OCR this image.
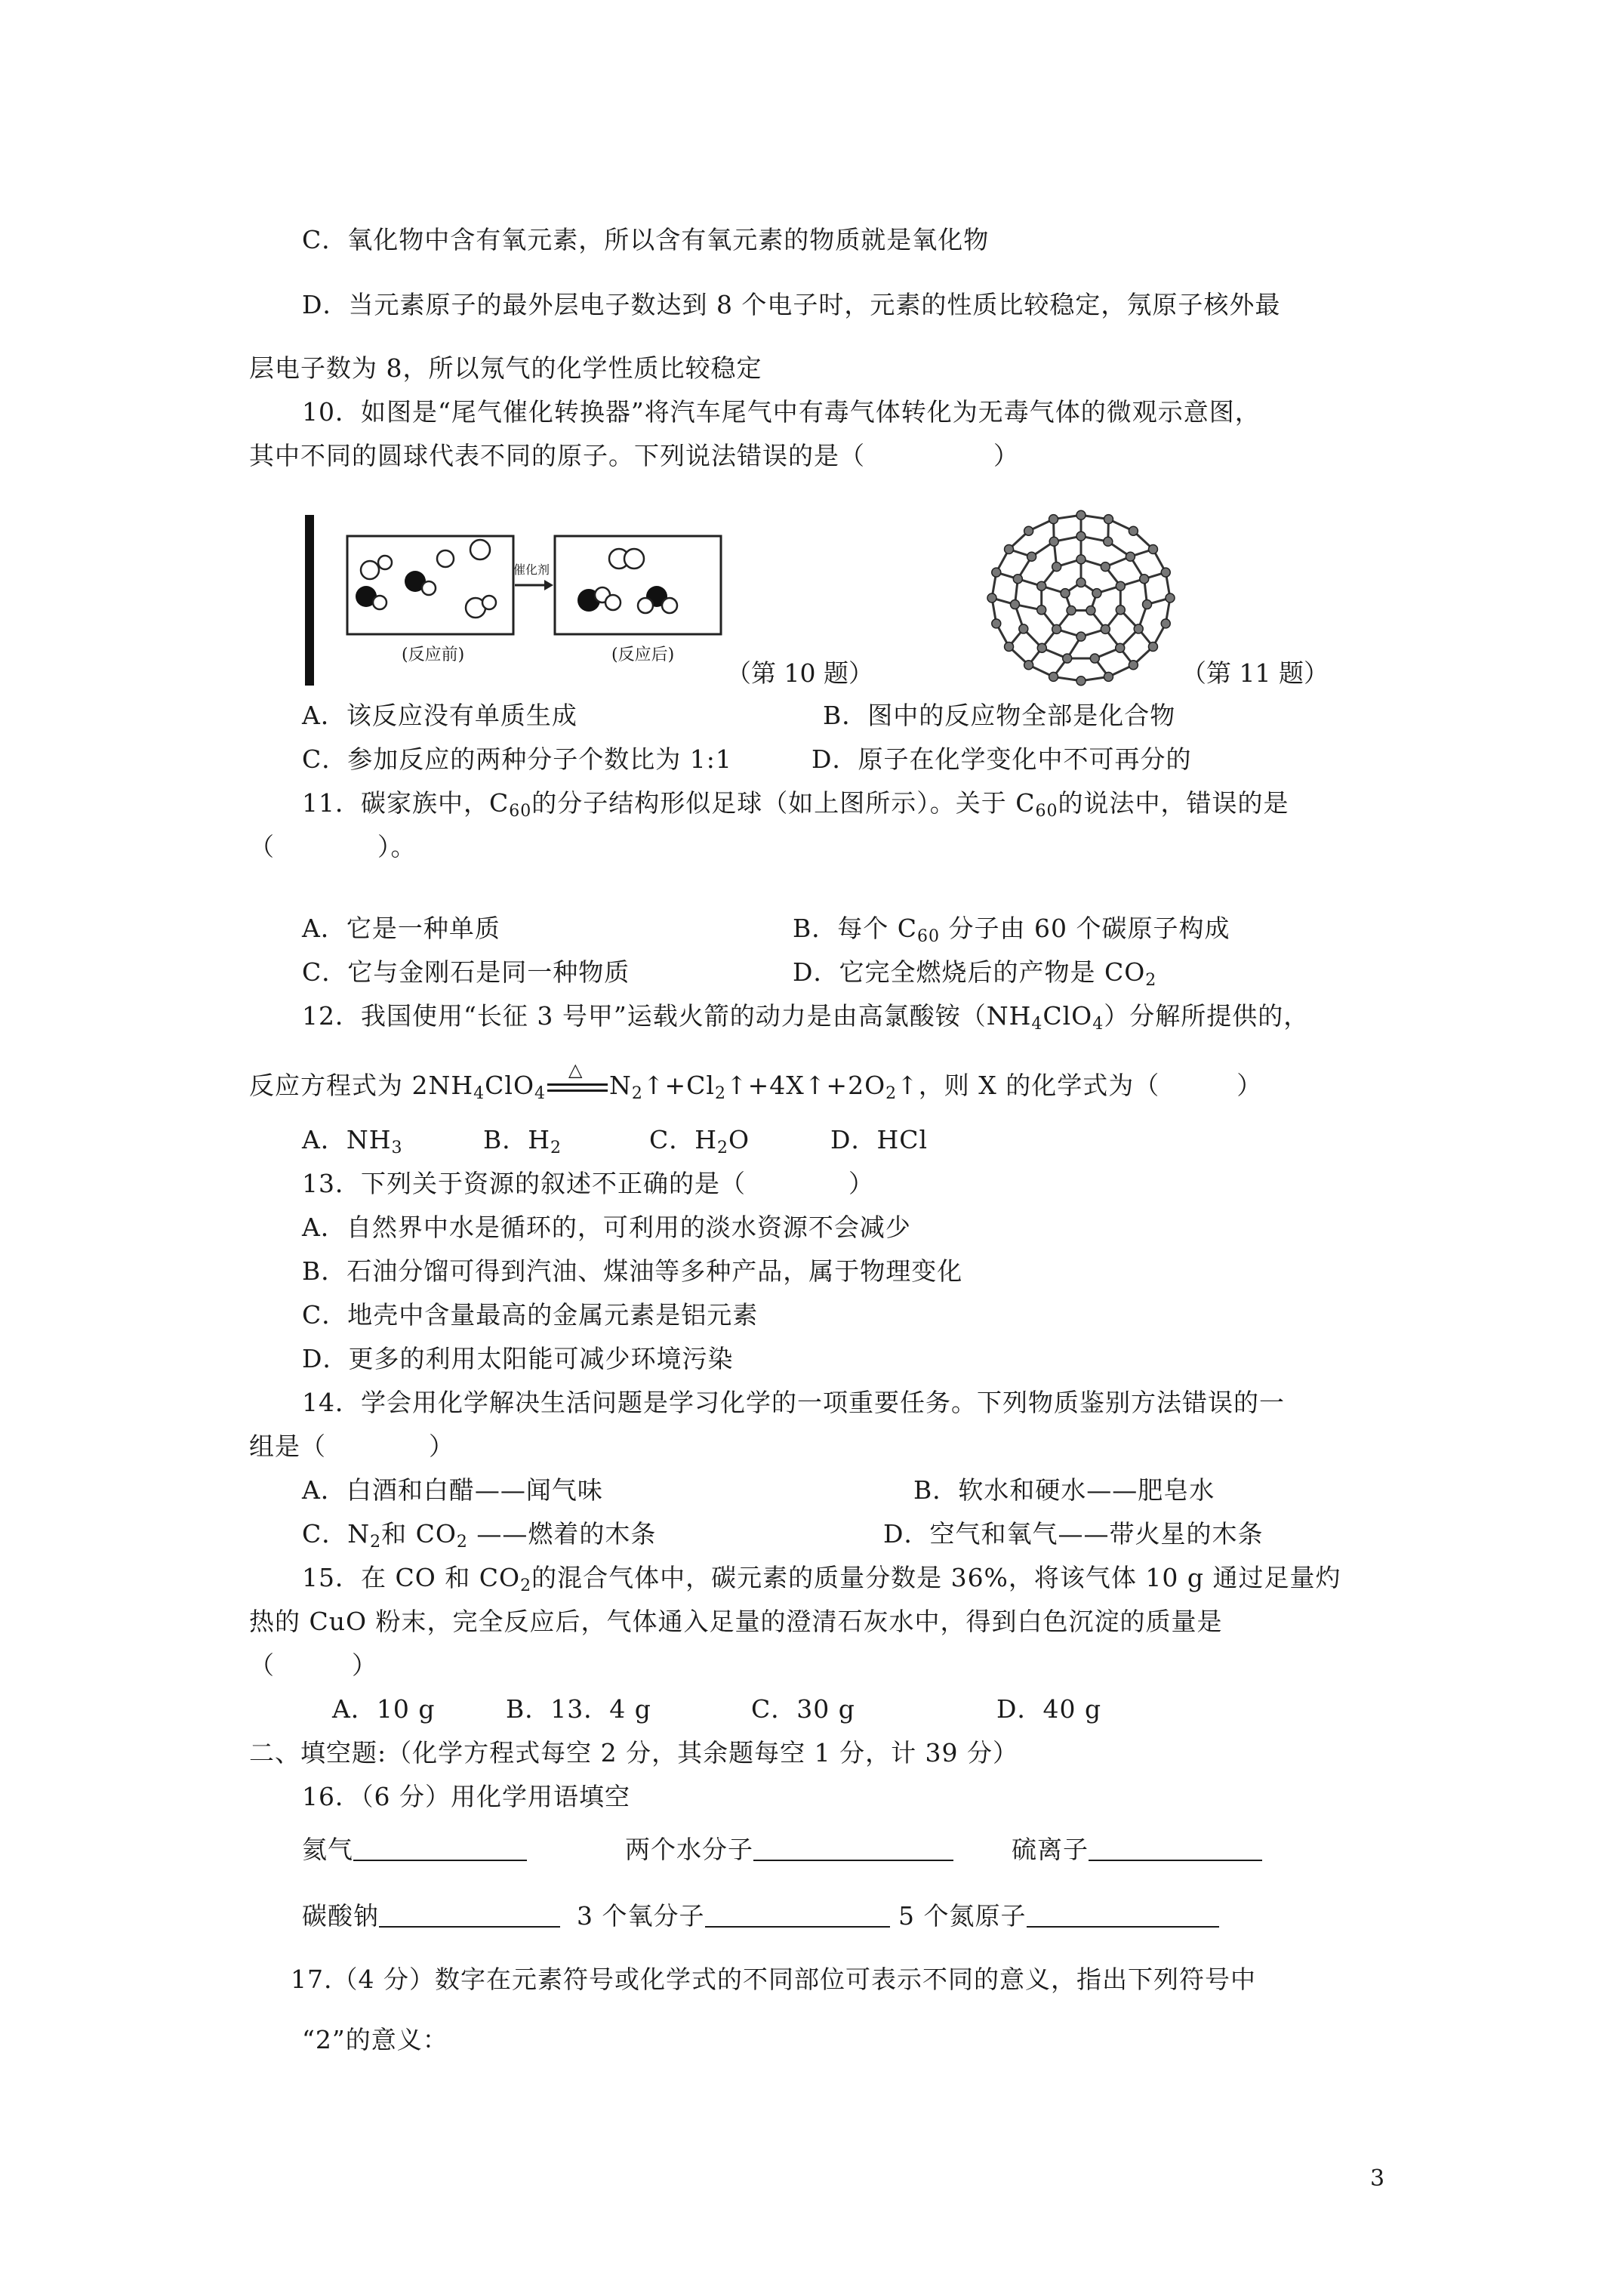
C．氧化物中含有氧元素，所以含有氧元素的物质就是氧化物
D．当元素原子的最外层电子数达到 8 个电子时，元素的性质比较稳定，氖原子核外最
层电子数为 8，所以氖气的化学性质比较稳定
10．如图是“尾气催化转换器”将汽车尾气中有毒气体转化为无毒气体的微观示意图，
其中不同的圆球代表不同的原子。下列说法错误的是（　　　　　）
催化剂
(反应前)	(反应后)
（第 10 题）	（第 11 题）
A．该反应没有单质生成	B．图中的反应物全部是化合物
C．参加反应的两种分子个数比为 1:1	D．原子在化学变化中不可再分的
11．碳家族中，$C_{60}$的分子结构形似足球（如上图所示）。关于 $C_{60}$的说法中，错误的是
（　　　　）。
A．它是一种单质	B．每个 $C_{60}$ 分子由 60 个碳原子构成
C．它与金刚石是同一种物质	D．它完全燃烧后的产物是 $CO_2$
12．我国使用“长征 3 号甲”运载火箭的动力是由高氯酸铵$(NH_4ClO_4)$分解所提供的，
反应方程式为 $2NH_4ClO_4$
△
$N_2↑+Cl_2↑+4X↑+2O_2↑$，则 X 的化学式为（　　　）
A．$NH_3$	B．$H_2$	C．$H_2O$	D．HCl
13．下列关于资源的叙述不正确的是（　　　　）
A．自然界中水是循环的，可利用的淡水资源不会减少
B．石油分馏可得到汽油、煤油等多种产品，属于物理变化
C．地壳中含量最高的金属元素是铝元素
D．更多的利用太阳能可减少环境污染
14．学会用化学解决生活问题是学习化学的一项重要任务。下列物质鉴别方法错误的一
组是（　　　　）
A．白酒和白醋——闻气味	B．软水和硬水——肥皂水
C．$N_2$和 $CO_2$ ——燃着的木条	D．空气和氧气——带火星的木条
15．在 CO 和 $CO_2$的混合气体中，碳元素的质量分数是 36%，将该气体 10 g 通过足量灼
热的 CuO 粉末，完全反应后，气体通入足量的澄清石灰水中，得到白色沉淀的质量是
（　　　）
A．10 g	B．13．4 g	C．30 g	D．40 g
二、填空题:（化学方程式每空 2 分，其余题每空 1 分，计 39 分）
16．（6 分）用化学用语填空
氦气	两个水分子	硫离子
碳酸钠	3 个氧分子	5 个氮原子
17.（4 分）数字在元素符号或化学式的不同部位可表示不同的意义，指出下列符号中
“2”的意义：
3
